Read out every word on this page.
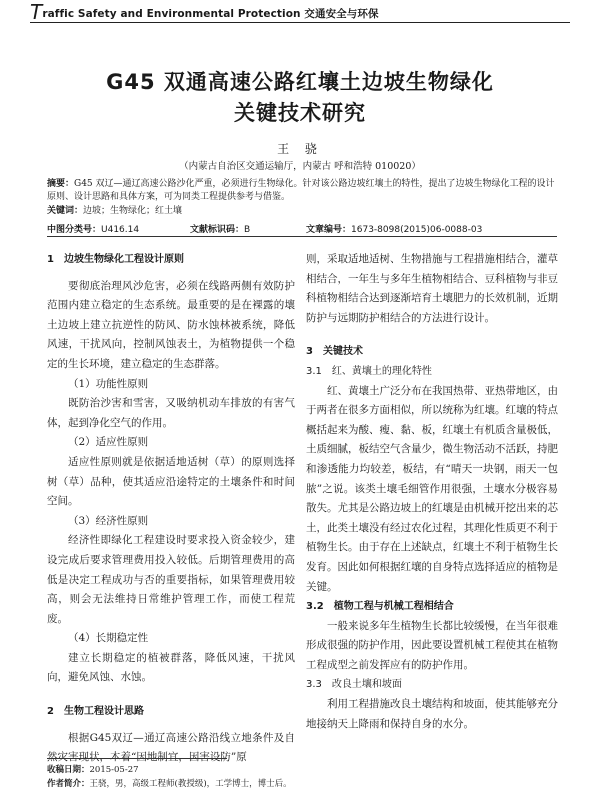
Traffic Safety and Environmental Protection 交通安全与环保
G45 双通高速公路红壤土边坡生物绿化
关键技术研究
王 骁
（内蒙古自治区交通运输厅，内蒙古 呼和浩特 010020）
摘要：G45 双辽—通辽高速公路沙化严重，必须进行生物绿化。针对该公路边坡红壤土的特性，提出了边坡生物绿化工程的设计原则、设计思路和具体方案，可为同类工程提供参考与借鉴。
关键词：边坡；生物绿化；红土壤
中图分类号：U416.14	文献标识码：B	文章编号：1673-8098(2015)06-0088-03

1　边坡生物绿化工程设计原则

要彻底治理风沙危害，必须在线路两侧有效防护范围内建立稳定的生态系统。最重要的是在裸露的壤土边坡上建立抗逆性的防风、防水蚀林被系统，降低风速，干扰风向，控制风蚀表土，为植物提供一个稳定的生长环境，建立稳定的生态群落。

（1）功能性原则

既防治沙害和雪害，又吸纳机动车排放的有害气体，起到净化空气的作用。

（2）适应性原则

适应性原则就是依据适地适树（草）的原则选择树（草）品种，使其适应沿途特定的土壤条件和时间空间。

（3）经济性原则

经济性即绿化工程建设时要求投入资金较少，建设完成后要求管理费用投入较低。后期管理费用的高低是决定工程成功与否的重要指标，如果管理费用较高，则会无法维持日常维护管理工作，而使工程荒废。

（4）长期稳定性

建立长期稳定的植被群落，降低风速，干扰风向，避免风蚀、水蚀。

2　生物工程设计思路

根据G45双辽—通辽高速公路沿线立地条件及自然灾害现状，本着“因地制宜，因害设防”原

则，采取适地适树、生物措施与工程措施相结合，灌草相结合，一年生与多年生植物相结合、豆科植物与非豆科植物相结合达到逐渐培育土壤肥力的长效机制，近期防护与远期防护相结合的方法进行设计。

3　关键技术

3.1　红、黄壤土的理化特性

红、黄壤土广泛分布在我国热带、亚热带地区，由于两者在很多方面相似，所以统称为红壤。红壤的特点概括起来为酸、瘦、黏、板，红壤土有机质含量极低，土质细腻，板结空气含量少，微生物活动不活跃，持肥和渗透能力均较差，板结，有“晴天一块钢，雨天一包脓”之说。该类土壤毛细管作用很强，土壤水分极容易散失。尤其是公路边坡上的红壤是由机械开挖出来的芯土，此类土壤没有经过农化过程，其理化性质更不利于植物生长。由于存在上述缺点，红壤土不利于植物生长发育。因此如何根据红壤的自身特点选择适应的植物是关键。

3.2　植物工程与机械工程相结合

一般来说多年生植物生长都比较缓慢，在当年很难形成很强的防护作用，因此要设置机械工程使其在植物工程成型之前发挥应有的防护作用。

3.3　改良土壤和坡面

利用工程措施改良土壤结构和坡面，使其能够充分地接纳天上降雨和保持自身的水分。

收稿日期：2015-05-27
作者简介：王骁，男，高级工程师(教授级)，工学博士，博士后。
